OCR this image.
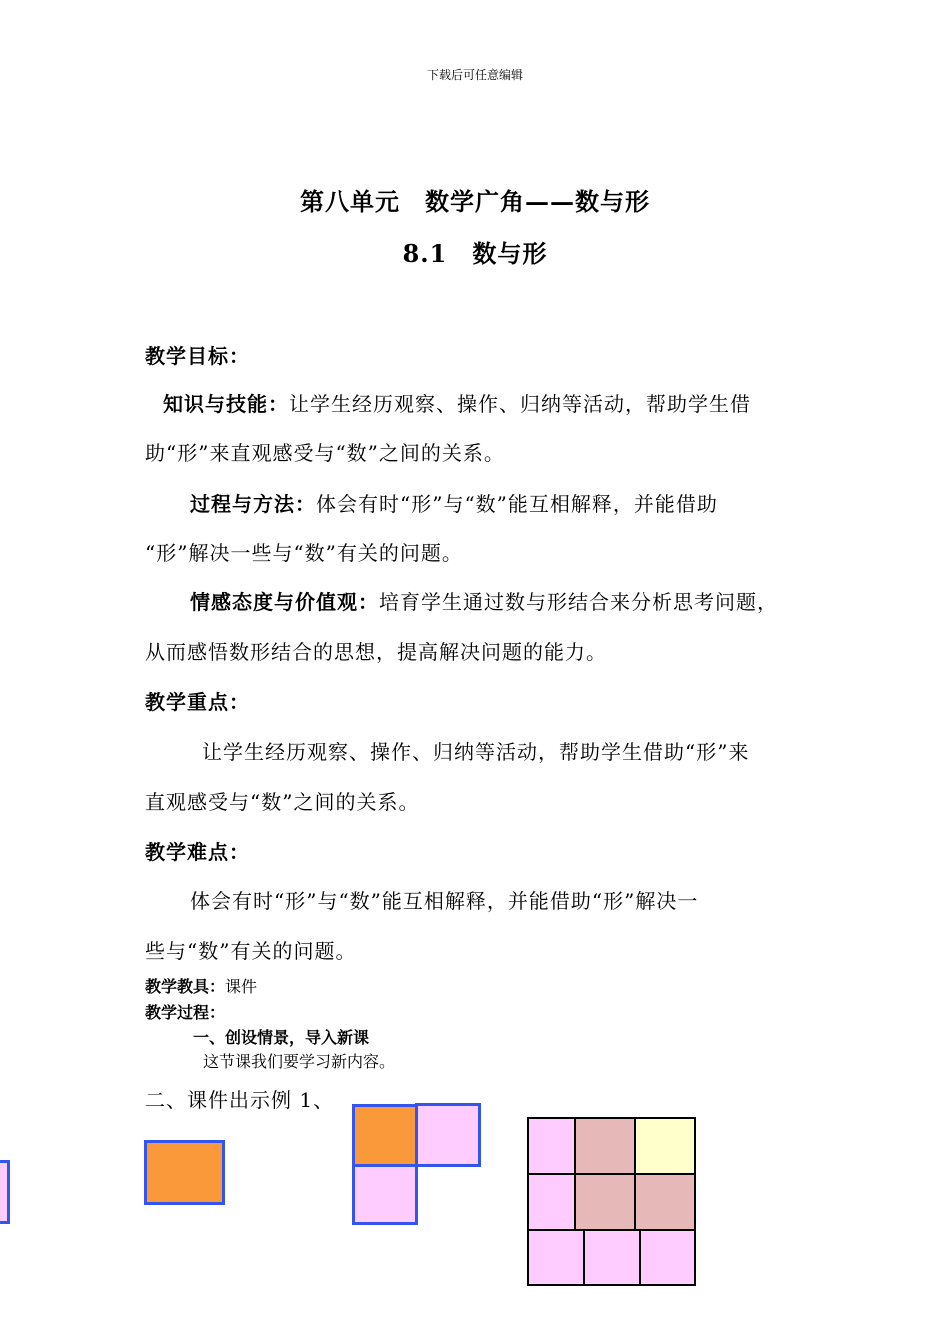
下载后可任意编辑
第八单元　数学广角——数与形
8.1　数与形
教学目标：
知识与技能：让学生经历观察、操作、归纳等活动，帮助学生借
助“形”来直观感受与“数”之间的关系。
过程与方法：体会有时“形”与“数”能互相解释，并能借助
“形”解决一些与“数”有关的问题。
情感态度与价值观：培育学生通过数与形结合来分析思考问题，
从而感悟数形结合的思想，提高解决问题的能力。
教学重点：
让学生经历观察、操作、归纳等活动，帮助学生借助“形”来
直观感受与“数”之间的关系。
教学难点：
体会有时“形”与“数”能互相解释，并能借助“形”解决一
些与“数”有关的问题。
教学教具：课件
教学过程：
一、创设情景，导入新课
这节课我们要学习新内容。
二、课件出示例 1、
